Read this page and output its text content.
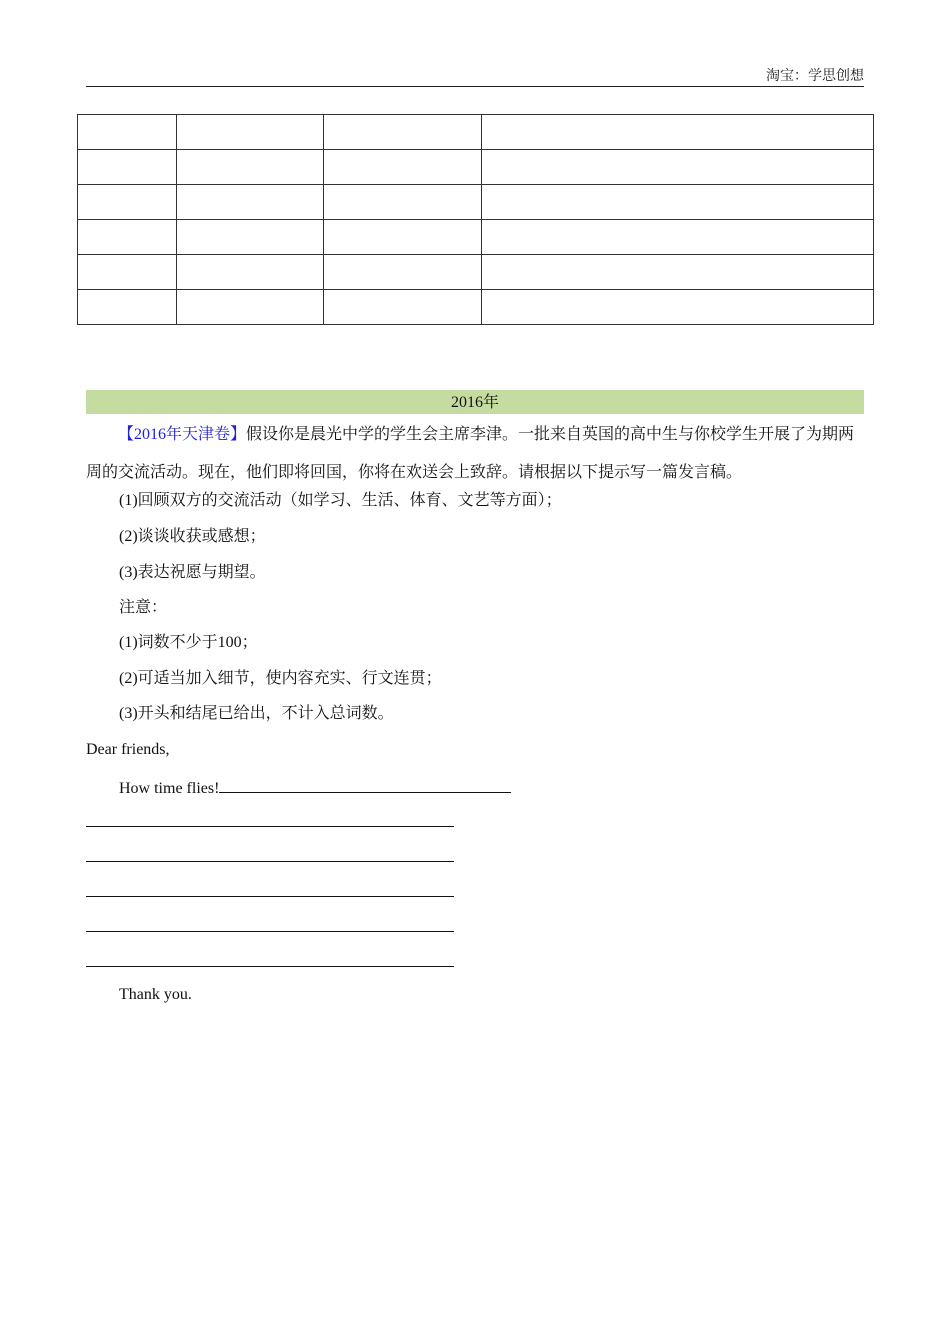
淘宝：学思创想

2016年

【2016年天津卷】假设你是晨光中学的学生会主席李津。一批来自英国的高中生与你校学生开展了为期两周的交流活动。现在，他们即将回国，你将在欢送会上致辞。请根据以下提示写一篇发言稿。

(1)回顾双方的交流活动（如学习、生活、体育、文艺等方面）；
(2)谈谈收获或感想；
(3)表达祝愿与期望。
注意：
(1)词数不少于100；
(2)可适当加入细节，使内容充实、行文连贯；
(3)开头和结尾已给出，不计入总词数。
Dear friends,
How time flies!
Thank you.
